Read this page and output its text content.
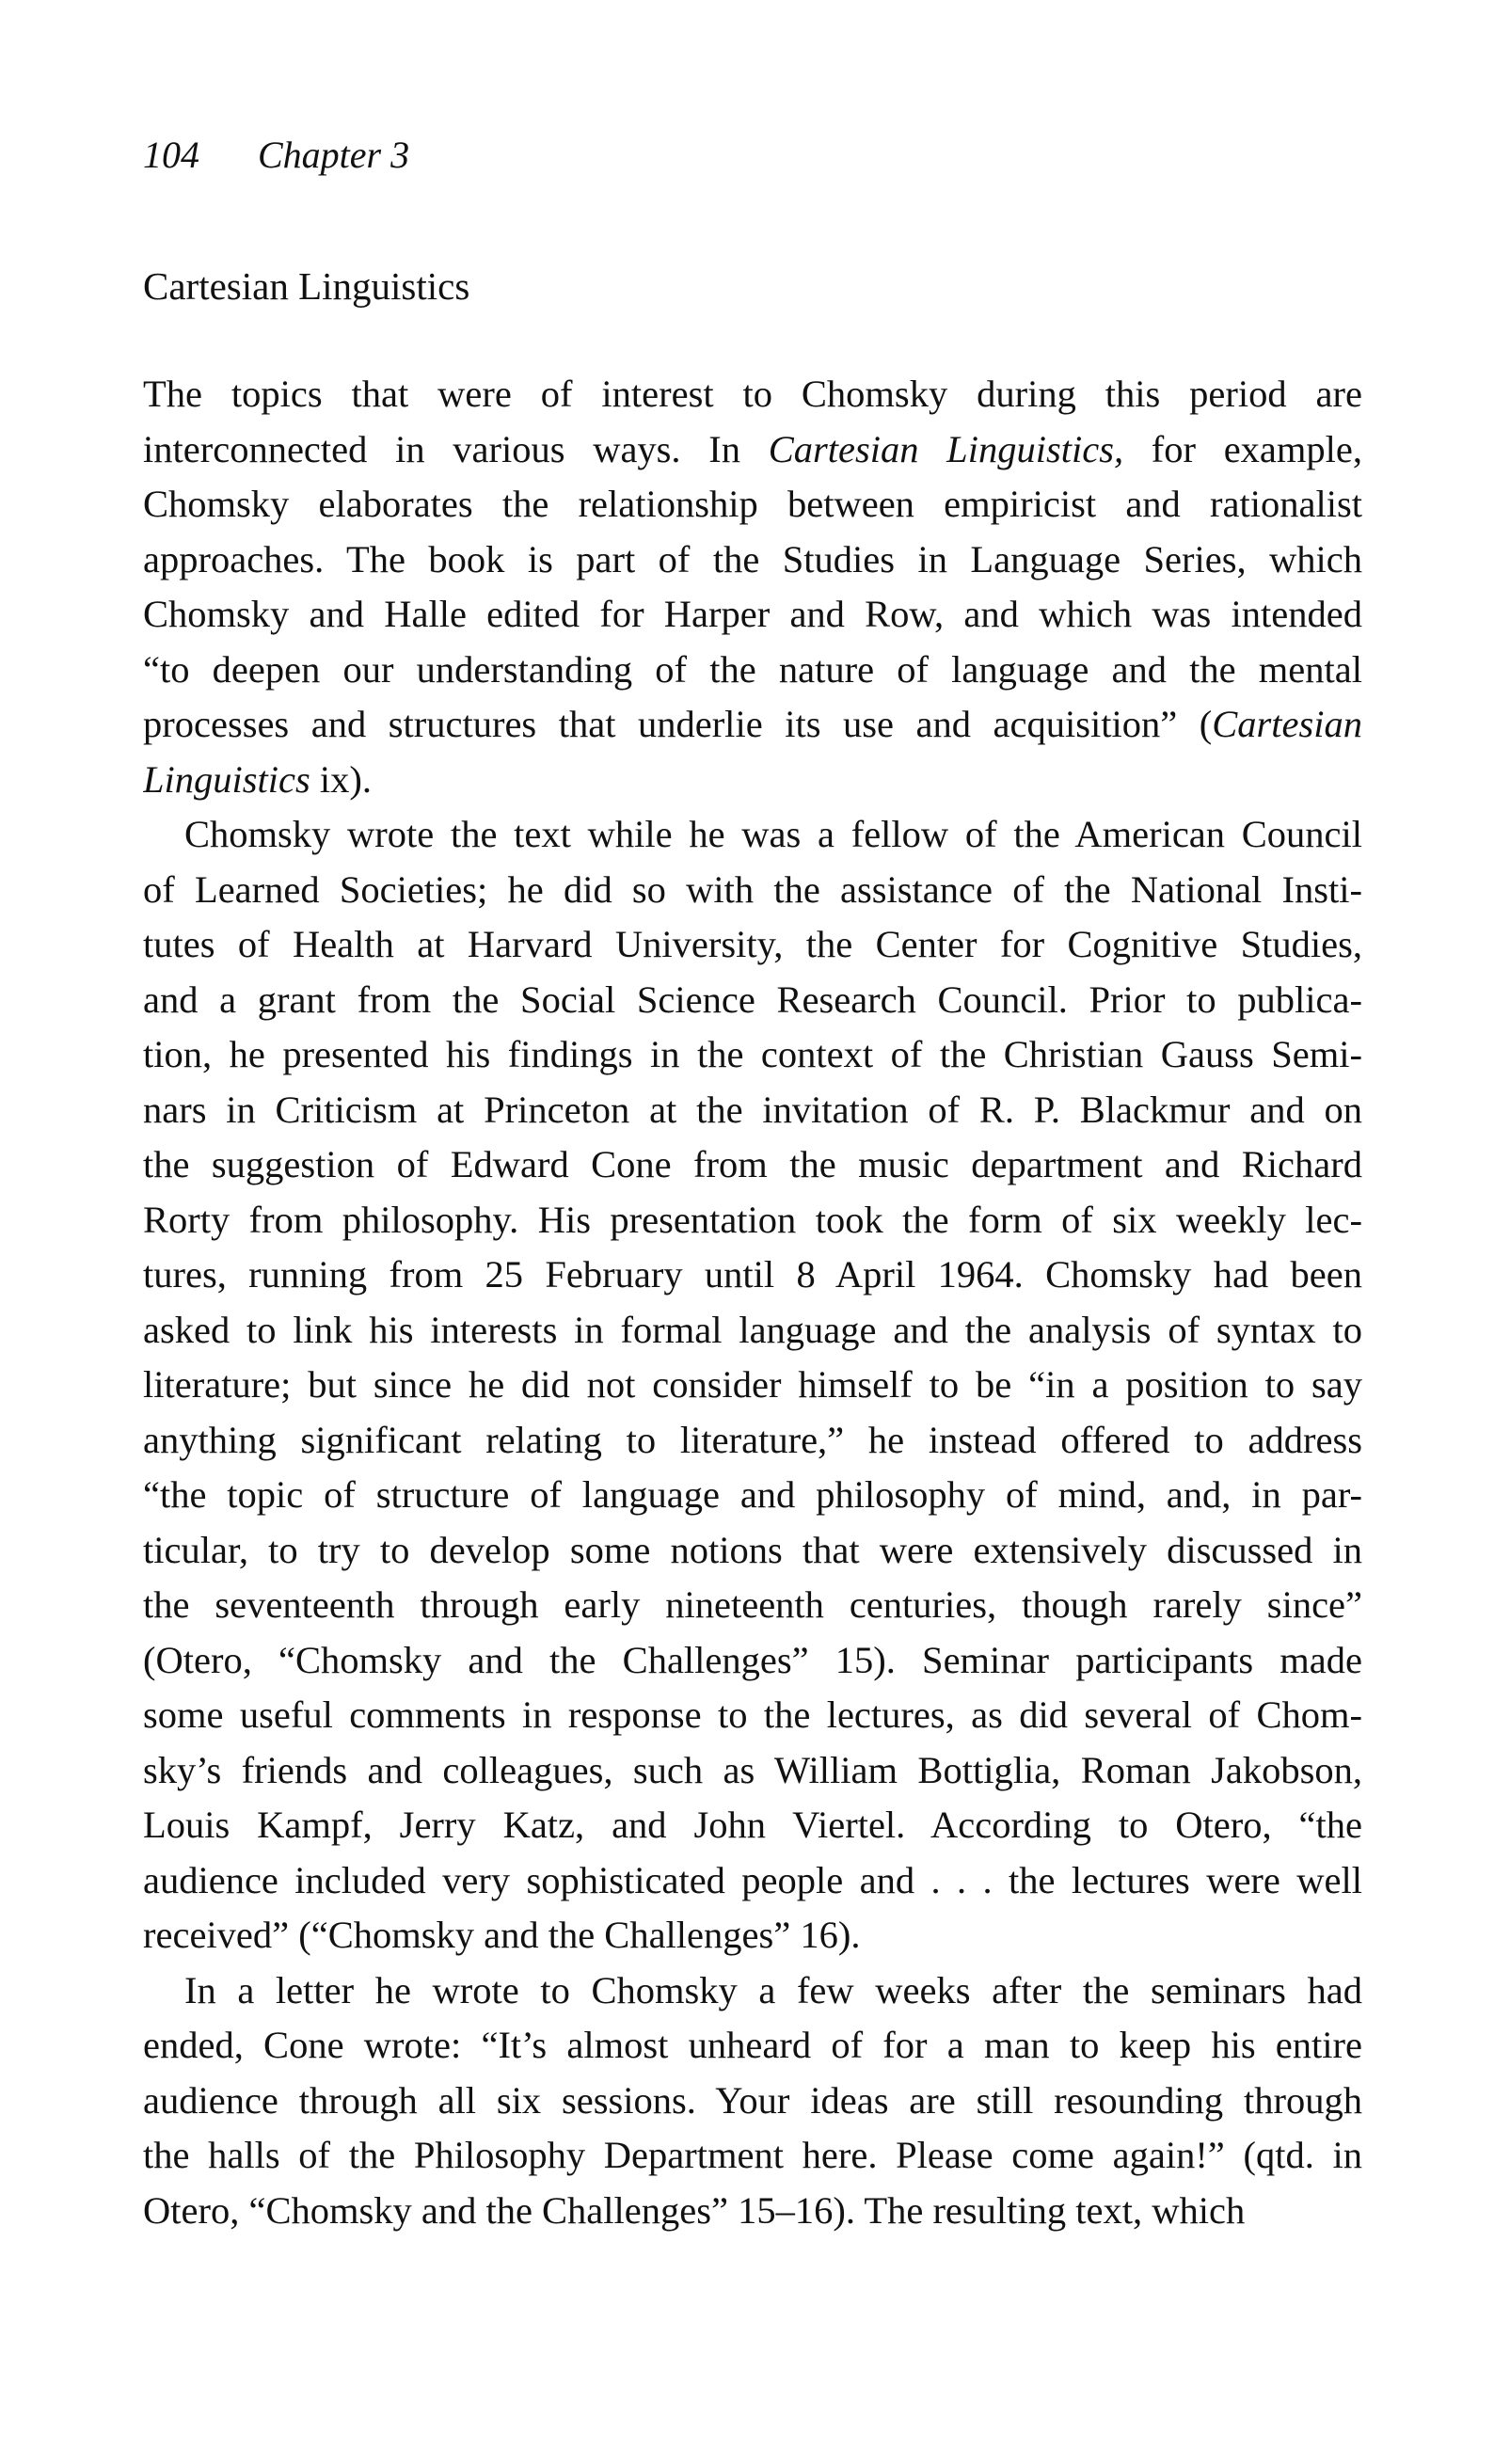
104 Chapter 3
Cartesian Linguistics
The topics that were of interest to Chomsky during this period are
interconnected in various ways. In Cartesian Linguistics, for example,
Chomsky elaborates the relationship between empiricist and rationalist
approaches. The book is part of the Studies in Language Series, which
Chomsky and Halle edited for Harper and Row, and which was intended
“to deepen our understanding of the nature of language and the mental
processes and structures that underlie its use and acquisition” (Cartesian
Linguistics ix).
Chomsky wrote the text while he was a fellow of the American Council
of Learned Societies; he did so with the assistance of the National Insti-
tutes of Health at Harvard University, the Center for Cognitive Studies,
and a grant from the Social Science Research Council. Prior to publica-
tion, he presented his findings in the context of the Christian Gauss Semi-
nars in Criticism at Princeton at the invitation of R. P. Blackmur and on
the suggestion of Edward Cone from the music department and Richard
Rorty from philosophy. His presentation took the form of six weekly lec-
tures, running from 25 February until 8 April 1964. Chomsky had been
asked to link his interests in formal language and the analysis of syntax to
literature; but since he did not consider himself to be “in a position to say
anything significant relating to literature,” he instead offered to address
“the topic of structure of language and philosophy of mind, and, in par-
ticular, to try to develop some notions that were extensively discussed in
the seventeenth through early nineteenth centuries, though rarely since”
(Otero, “Chomsky and the Challenges” 15). Seminar participants made
some useful comments in response to the lectures, as did several of Chom-
sky’s friends and colleagues, such as William Bottiglia, Roman Jakobson,
Louis Kampf, Jerry Katz, and John Viertel. According to Otero, “the
audience included very sophisticated people and . . . the lectures were well
received” (“Chomsky and the Challenges” 16).
In a letter he wrote to Chomsky a few weeks after the seminars had
ended, Cone wrote: “It’s almost unheard of for a man to keep his entire
audience through all six sessions. Your ideas are still resounding through
the halls of the Philosophy Department here. Please come again!” (qtd. in
Otero, “Chomsky and the Challenges” 15–16). The resulting text, which
